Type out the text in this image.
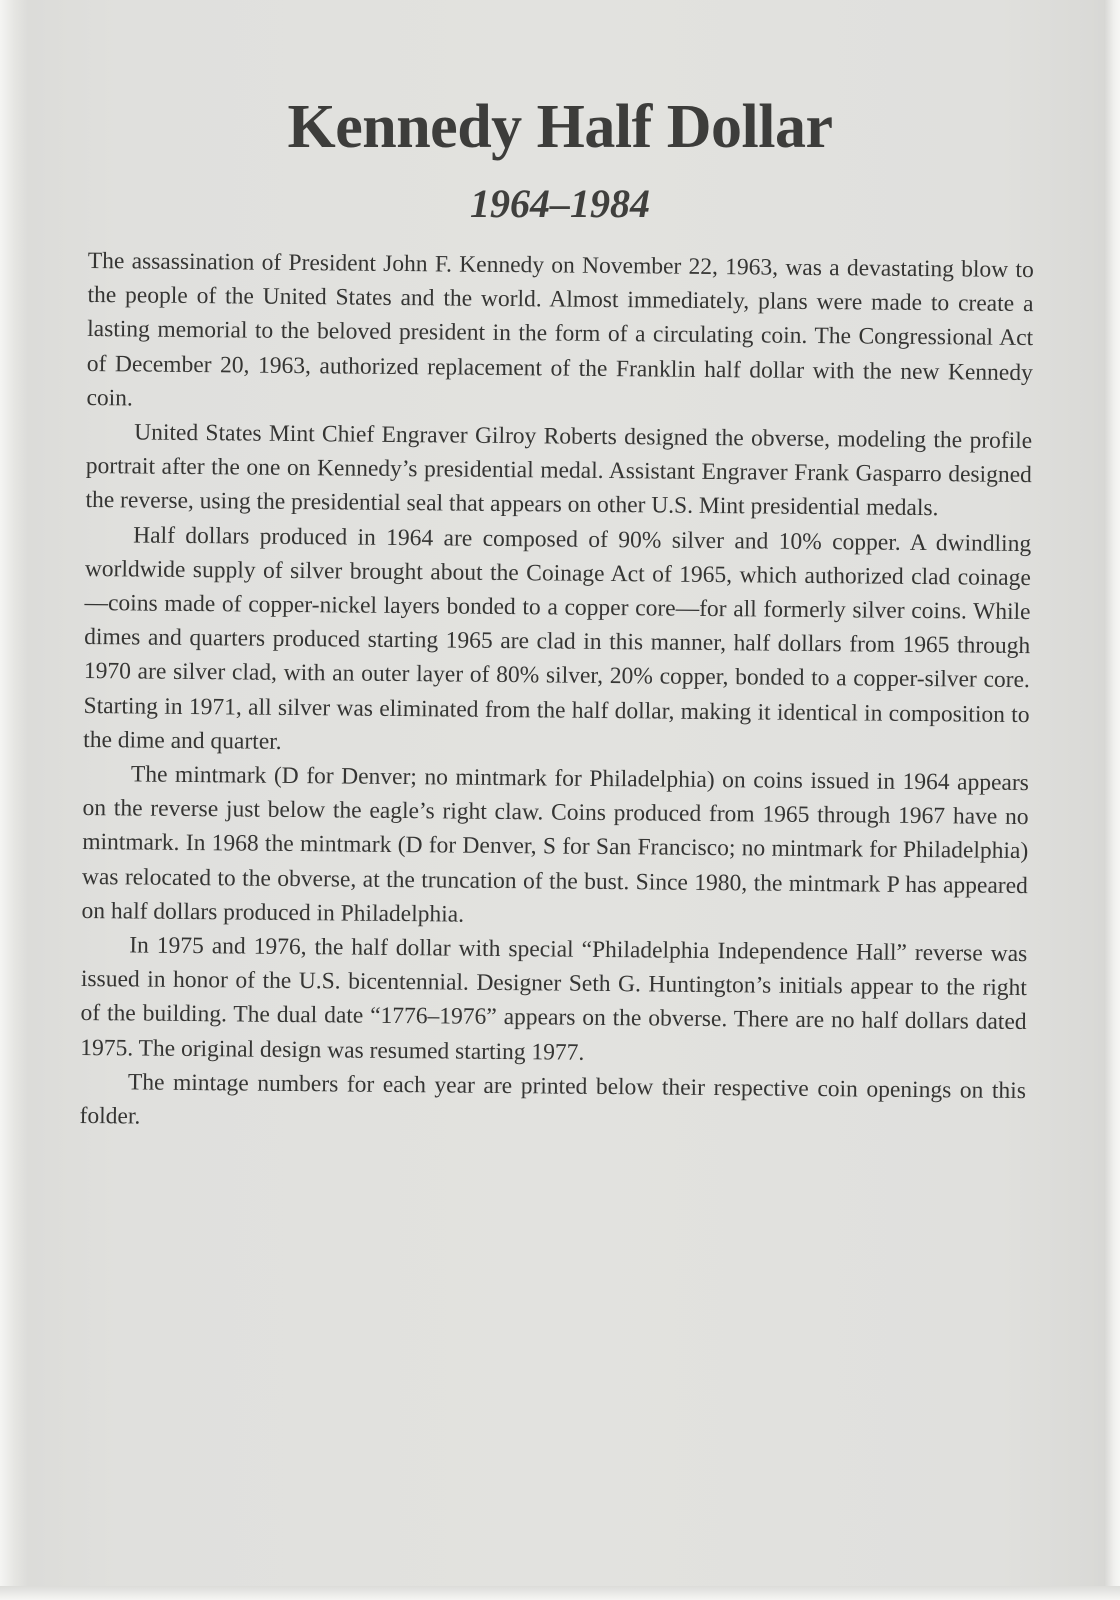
Kennedy Half Dollar
1964–1984

The assassination of President John F. Kennedy on November 22, 1963, was a devastating blow to the people of the United States and the world. Almost immediately, plans were made to create a lasting memorial to the beloved president in the form of a circulating coin. The Congressional Act of December 20, 1963, authorized replacement of the Franklin half dollar with the new Kennedy coin.

United States Mint Chief Engraver Gilroy Roberts designed the obverse, modeling the profile portrait after the one on Kennedy’s presidential medal. Assistant Engraver Frank Gasparro designed the reverse, using the presidential seal that appears on other U.S. Mint presidential medals.

Half dollars produced in 1964 are composed of 90% silver and 10% copper. A dwindling worldwide supply of silver brought about the Coinage Act of 1965, which authorized clad coinage—coins made of copper-nickel layers bonded to a copper core—for all formerly silver coins. While dimes and quarters produced starting 1965 are clad in this manner, half dollars from 1965 through 1970 are silver clad, with an outer layer of 80% silver, 20% copper, bonded to a copper-silver core. Starting in 1971, all silver was eliminated from the half dollar, making it identical in composition to the dime and quarter.

The mintmark (D for Denver; no mintmark for Philadelphia) on coins issued in 1964 appears on the reverse just below the eagle’s right claw. Coins produced from 1965 through 1967 have no mintmark. In 1968 the mintmark (D for Denver, S for San Francisco; no mintmark for Philadelphia) was relocated to the obverse, at the truncation of the bust. Since 1980, the mintmark P has appeared on half dollars produced in Philadelphia.

In 1975 and 1976, the half dollar with special “Philadelphia Independence Hall” reverse was issued in honor of the U.S. bicentennial. Designer Seth G. Huntington’s initials appear to the right of the building. The dual date “1776–1976” appears on the obverse. There are no half dollars dated 1975. The original design was resumed starting 1977.

The mintage numbers for each year are printed below their respective coin openings on this folder.
